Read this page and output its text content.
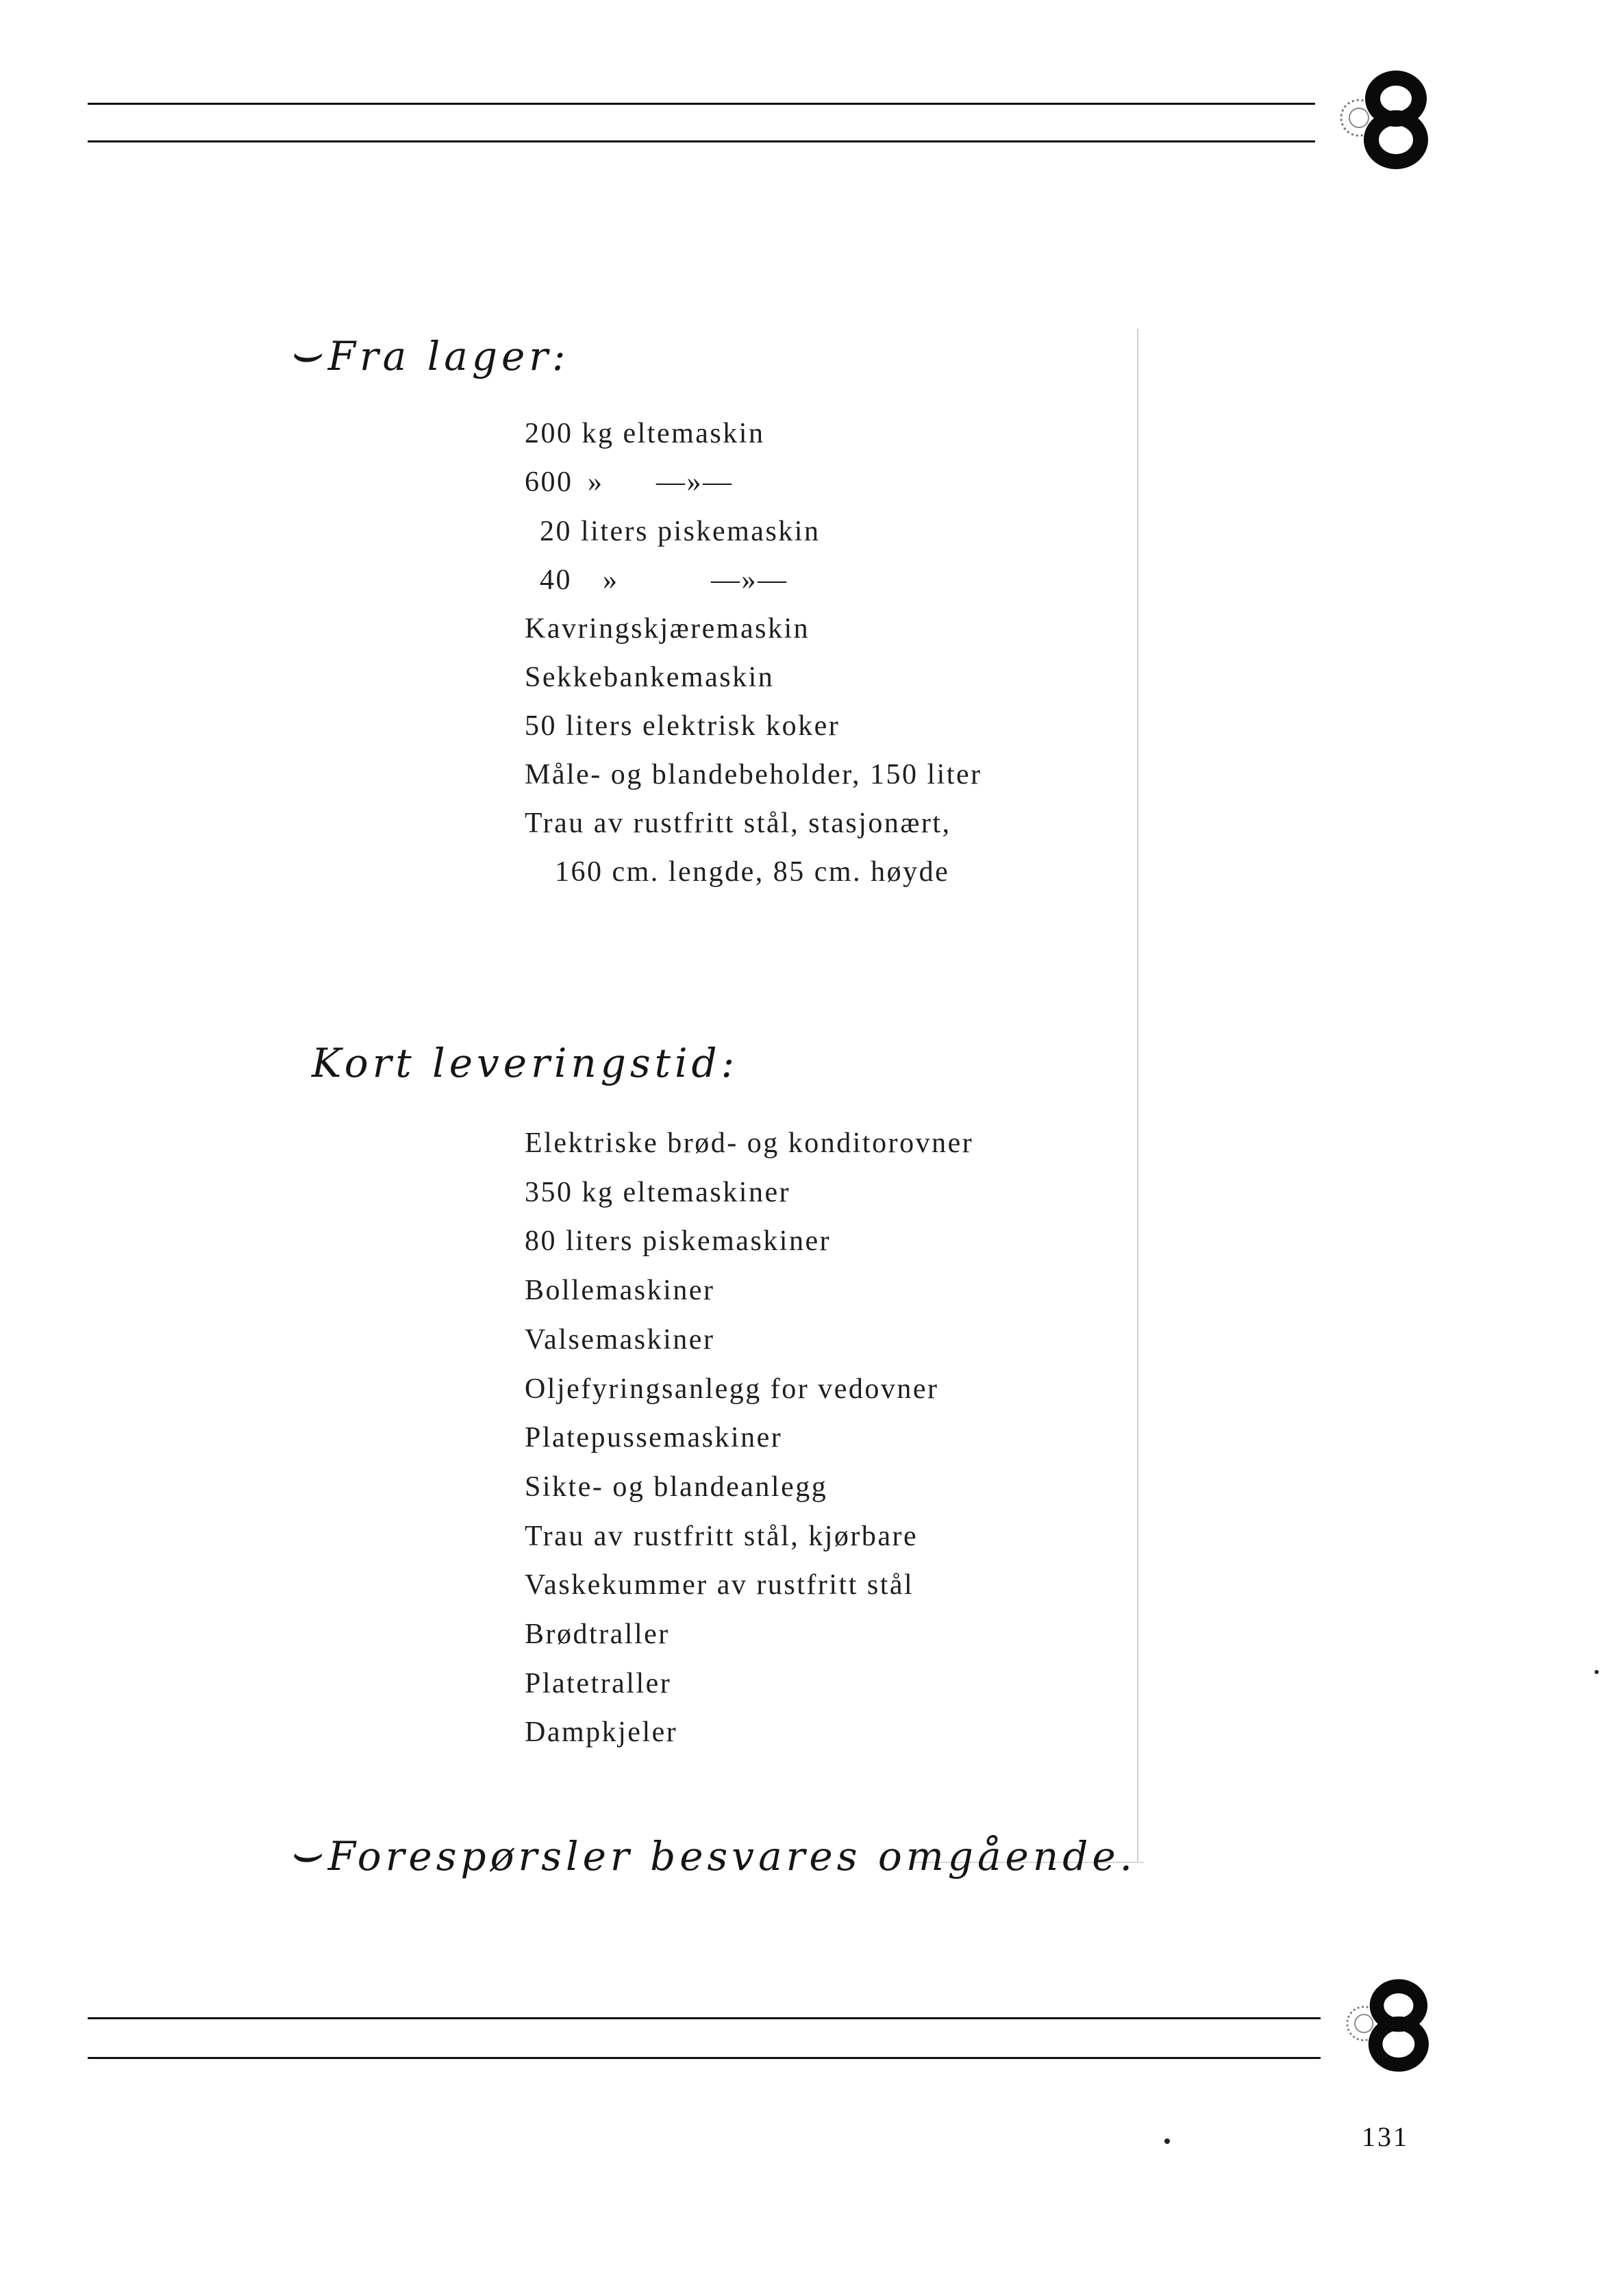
⌣Fra lager:
200 kg eltemaskin
600 » —»—
20 liters piskemaskin
40 »	—»—
Kavringskjæremaskin
Sekkebankemaskin
50 liters elektrisk koker
Måle- og blandebeholder, 150 liter
Trau av rustfritt stål, stasjonært,
160 cm. lengde, 85 cm. høyde
Kort leveringstid:
Elektriske brød- og konditorovner
350 kg eltemaskiner
80 liters piskemaskiner
Bollemaskiner
Valsemaskiner
Oljefyringsanlegg for vedovner
Platepussemaskiner
Sikte- og blandeanlegg
Trau av rustfritt stål, kjørbare
Vaskekummer av rustfritt stål
Brødtraller
Platetraller
Dampkjeler
⌣Forespørsler besvares omgående.
131
